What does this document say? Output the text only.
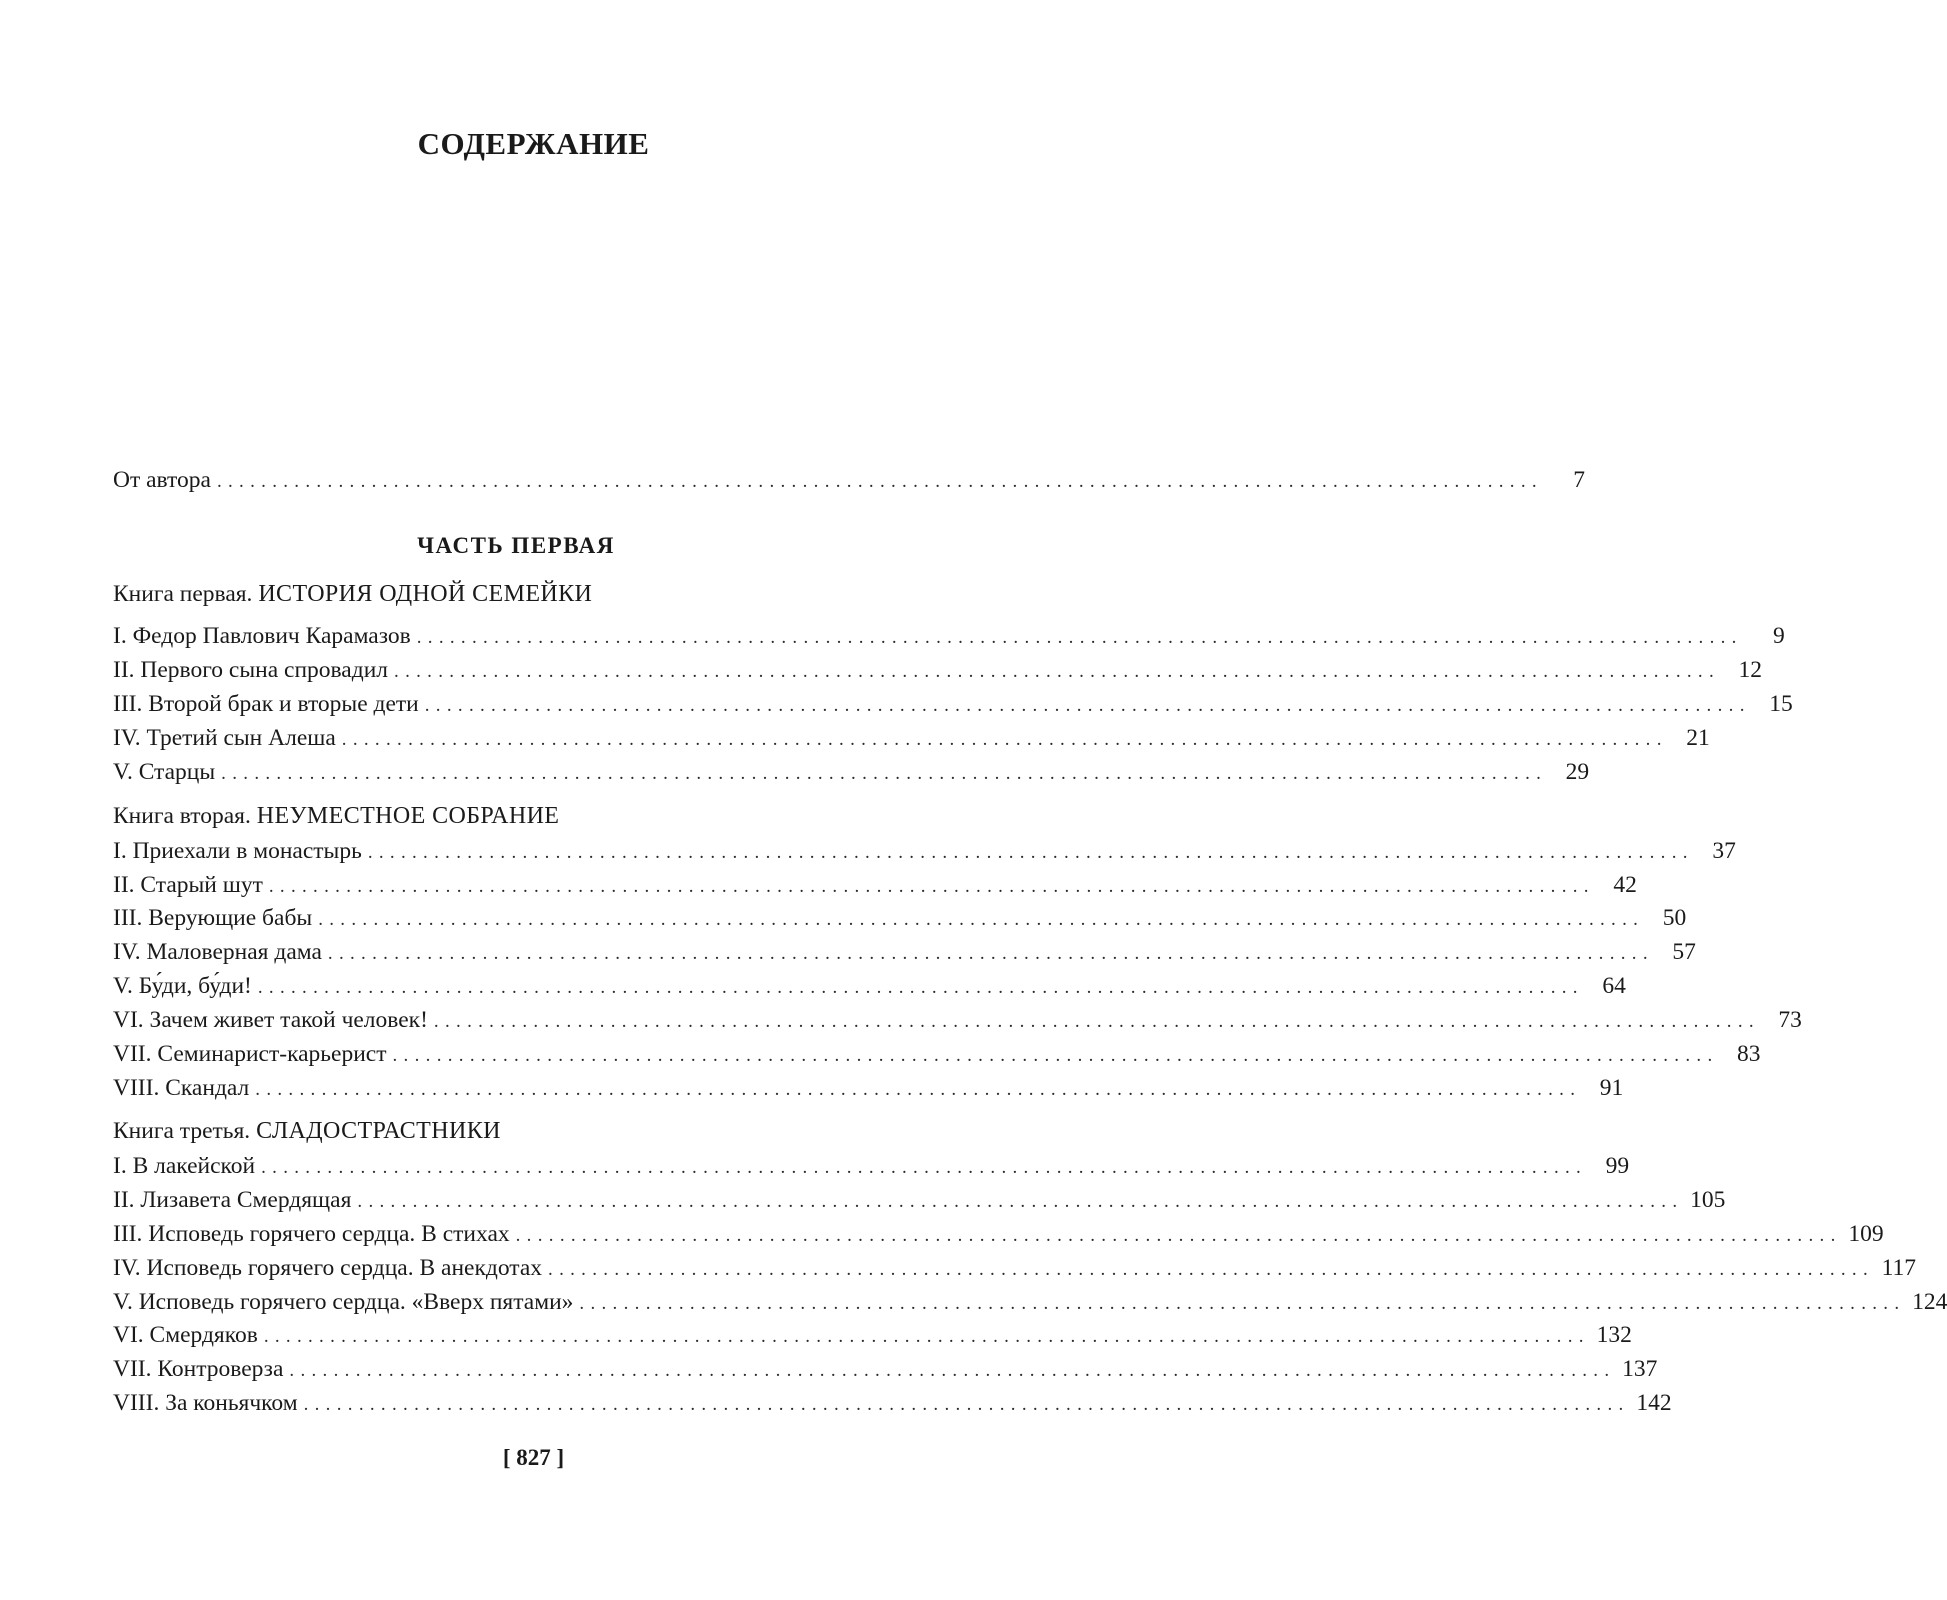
СОДЕРЖАНИЕ
От автора ........................................................................................................................	7
ЧАСТЬ ПЕРВАЯ
Книга первая. ИСТОРИЯ ОДНОЙ СЕМЕЙКИ
I. Федор Павлович Карамазов ........................................................................................................................	9
II. Первого сына спровадил ........................................................................................................................ 12
III. Второй брак и вторые дети ........................................................................................................................ 15
IV. Третий сын Алеша ........................................................................................................................ 21
V. Старцы ........................................................................................................................ 29
Книга вторая. НЕУМЕСТНОЕ СОБРАНИЕ
I. Приехали в монастырь ........................................................................................................................ 37
II. Старый шут ........................................................................................................................ 42
III. Верующие бабы ........................................................................................................................ 50
IV. Маловерная дама ........................................................................................................................ 57
V. Бу́ди, бу́ди! ........................................................................................................................ 64
VI. Зачем живет такой человек! ........................................................................................................................ 73
VII. Семинарист-карьерист ........................................................................................................................ 83
VIII. Скандал ........................................................................................................................ 91
Книга третья. СЛАДОСТРАСТНИКИ
I. В лакейской ........................................................................................................................ 99
II. Лизавета Смердящая ........................................................................................................................ 105
III. Исповедь горячего сердца. В стихах ........................................................................................................................ 109
IV. Исповедь горячего сердца. В анекдотах ........................................................................................................................ 117
V. Исповедь горячего сердца. «Вверх пятами» ........................................................................................................................ 124
VI. Смердяков ........................................................................................................................ 132
VII. Контроверза ........................................................................................................................ 137
VIII. За коньячком ........................................................................................................................ 142
[ 827 ]
